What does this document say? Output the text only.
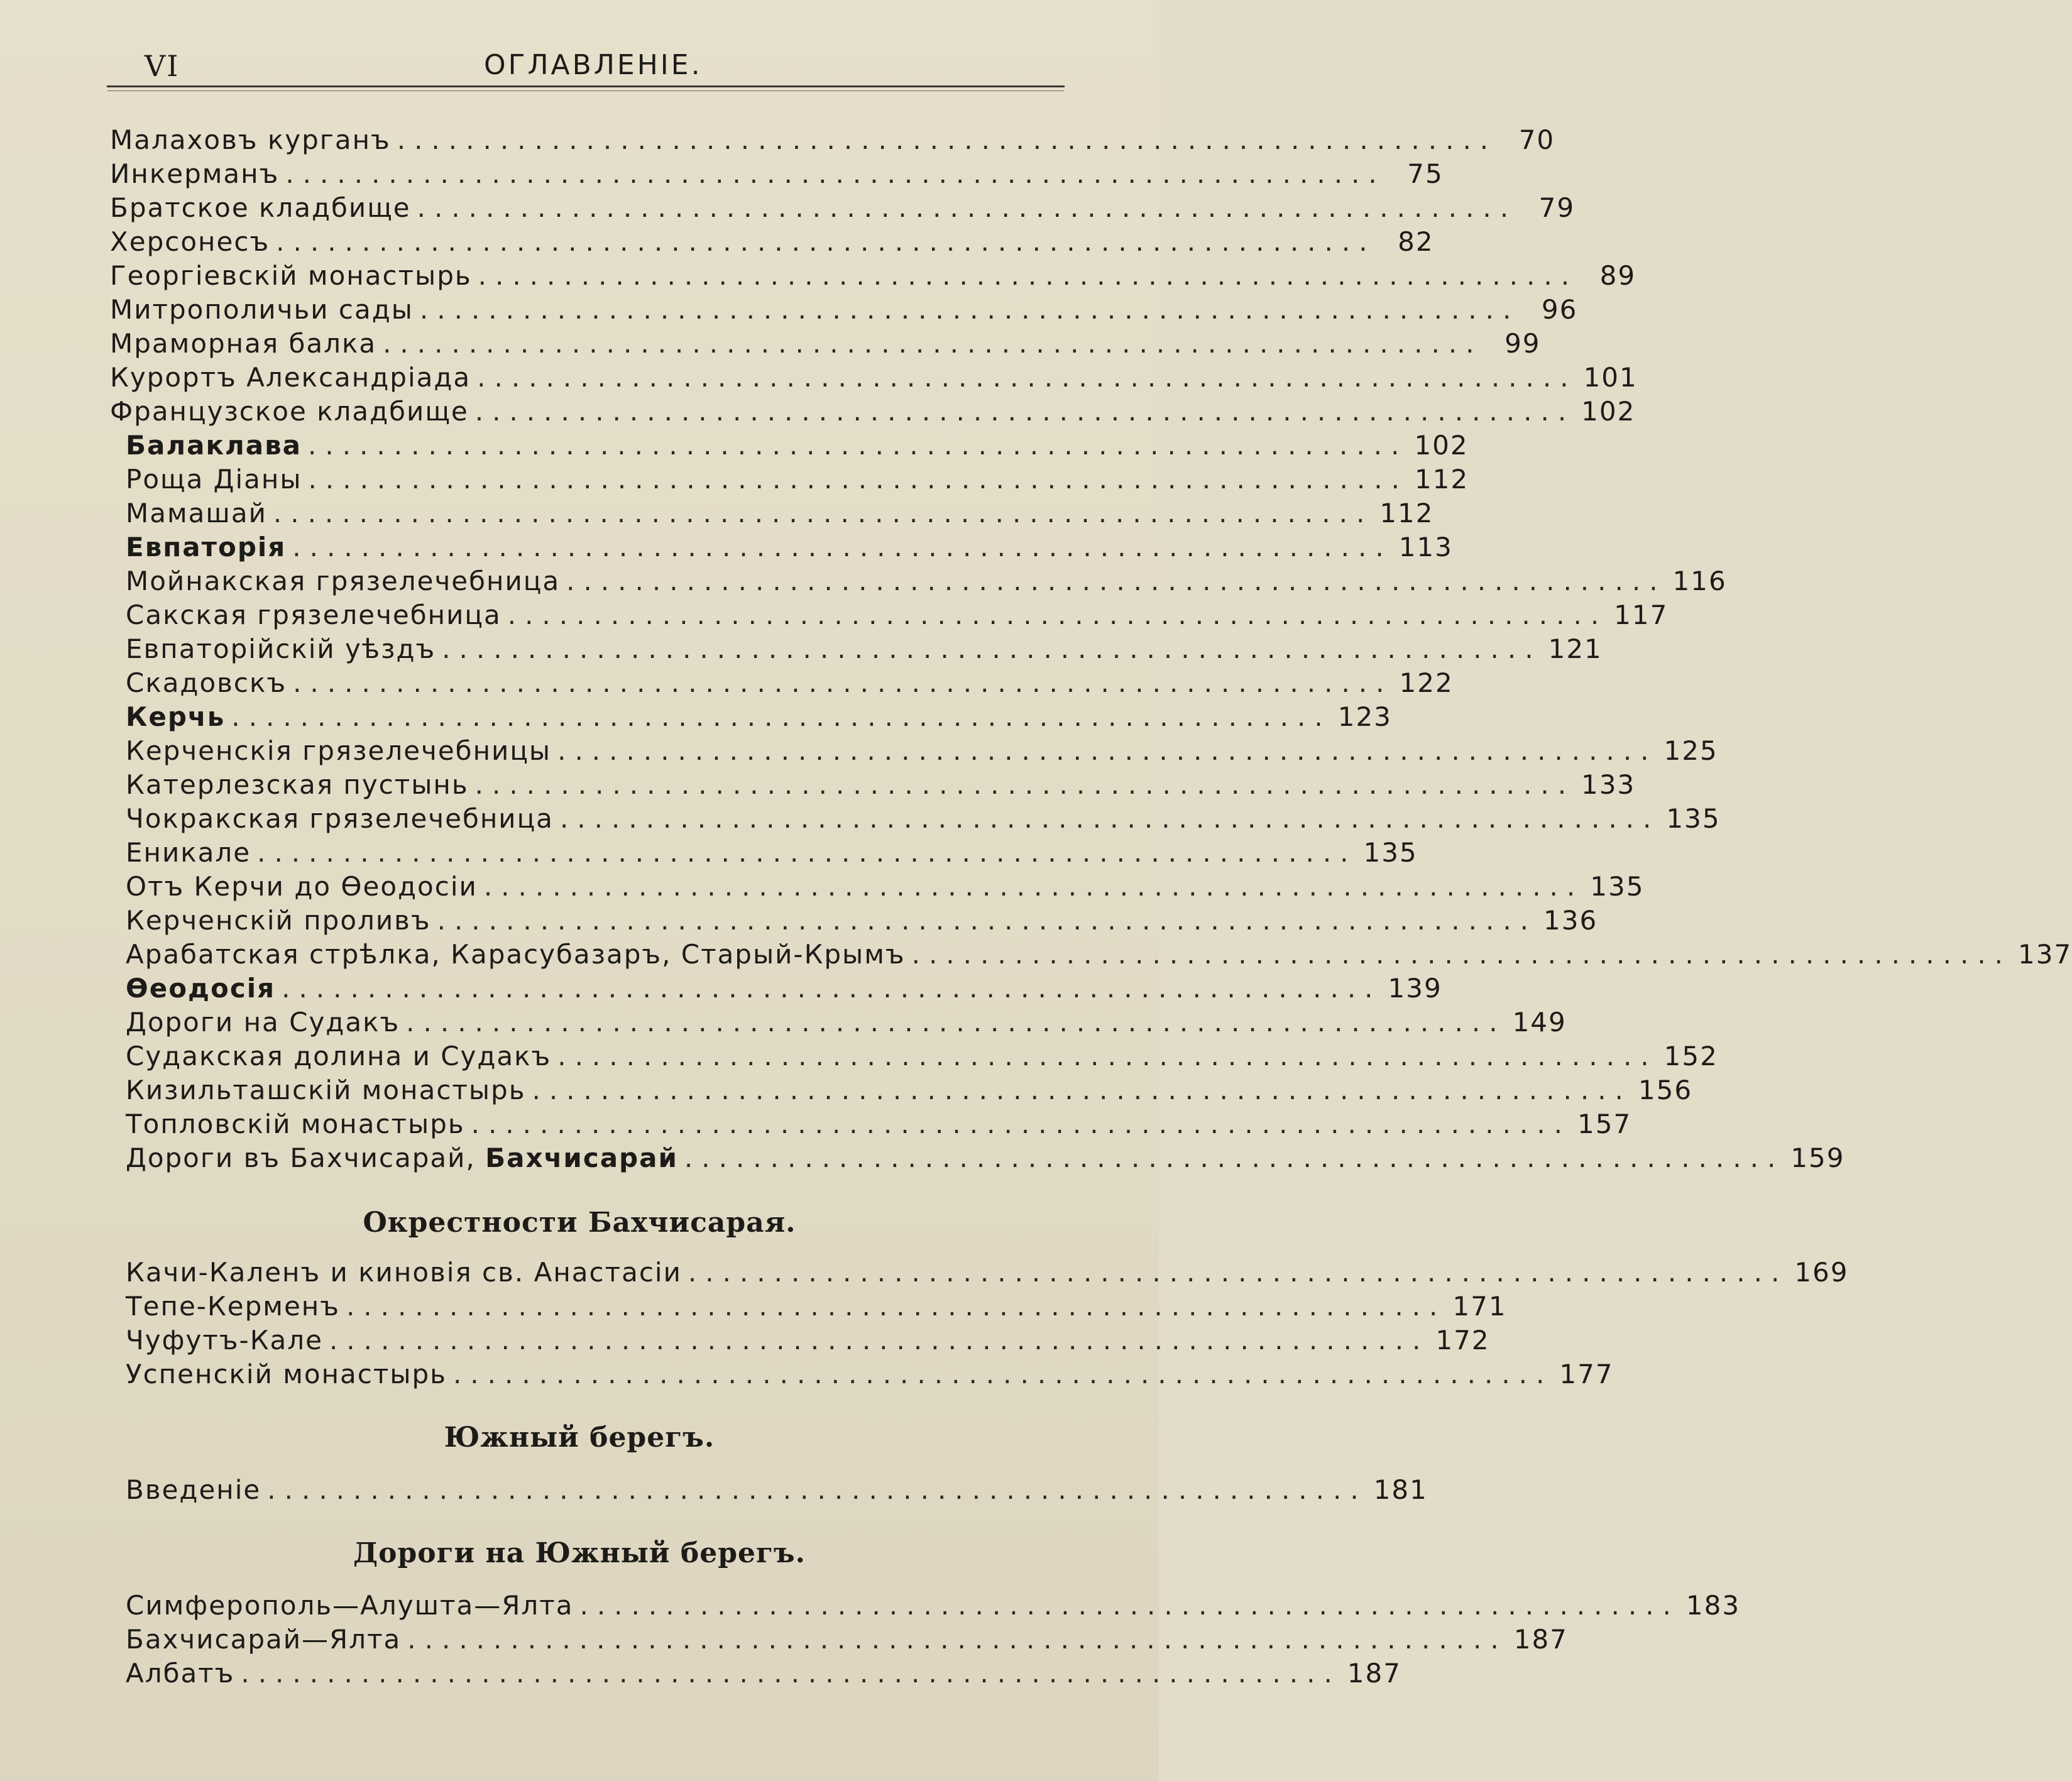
VI	ОГЛАВЛЕНІЕ.
Малаховъ курганъ ................................................................ 70
Инкерманъ ................................................................ 75
Братское кладбище ................................................................ 79
Херсонесъ ................................................................ 82
Георгіевскій монастырь ................................................................ 89
Митрополичьи сады ................................................................ 96
Мраморная балка ................................................................ 99
Курортъ Александріада ................................................................ 101
Французское кладбище ................................................................ 102
Балаклава ................................................................ 102
Роща Діаны ................................................................ 112
Мамашай ................................................................ 112
Евпаторія ................................................................ 113
Мойнакская грязелечебница ................................................................ 116
Сакская грязелечебница ................................................................ 117
Евпаторійскій уѣздъ ................................................................ 121
Скадовскъ ................................................................ 122
Керчь ................................................................ 123
Керченскія грязелечебницы ................................................................ 125
Катерлезская пустынь ................................................................ 133
Чокракская грязелечебница ................................................................ 135
Еникале ................................................................ 135
Отъ Керчи до Ѳеодосіи ................................................................ 135
Керченскій проливъ ................................................................ 136
Арабатская стрѣлка, Карасубазаръ, Старый-Крымъ ................................................................ 137
Ѳеодосія ................................................................ 139
Дороги на Судакъ ................................................................ 149
Судакская долина и Судакъ ................................................................ 152
Кизильташскій монастырь ................................................................ 156
Топловскій монастырь ................................................................ 157
Дороги въ Бахчисарай, Бахчисарай ................................................................ 159
Окрестности Бахчисарая.
Качи-Каленъ и киновія св. Анастасіи ................................................................ 169
Тепе-Керменъ ................................................................ 171
Чуфутъ-Кале ................................................................ 172
Успенскій монастырь ................................................................ 177
Южный берегъ.
Введеніе ................................................................ 181
Дороги на Южный берегъ.
Симферополь—Алушта—Ялта ................................................................ 183
Бахчисарай—Ялта ................................................................ 187
Албатъ ................................................................ 187
